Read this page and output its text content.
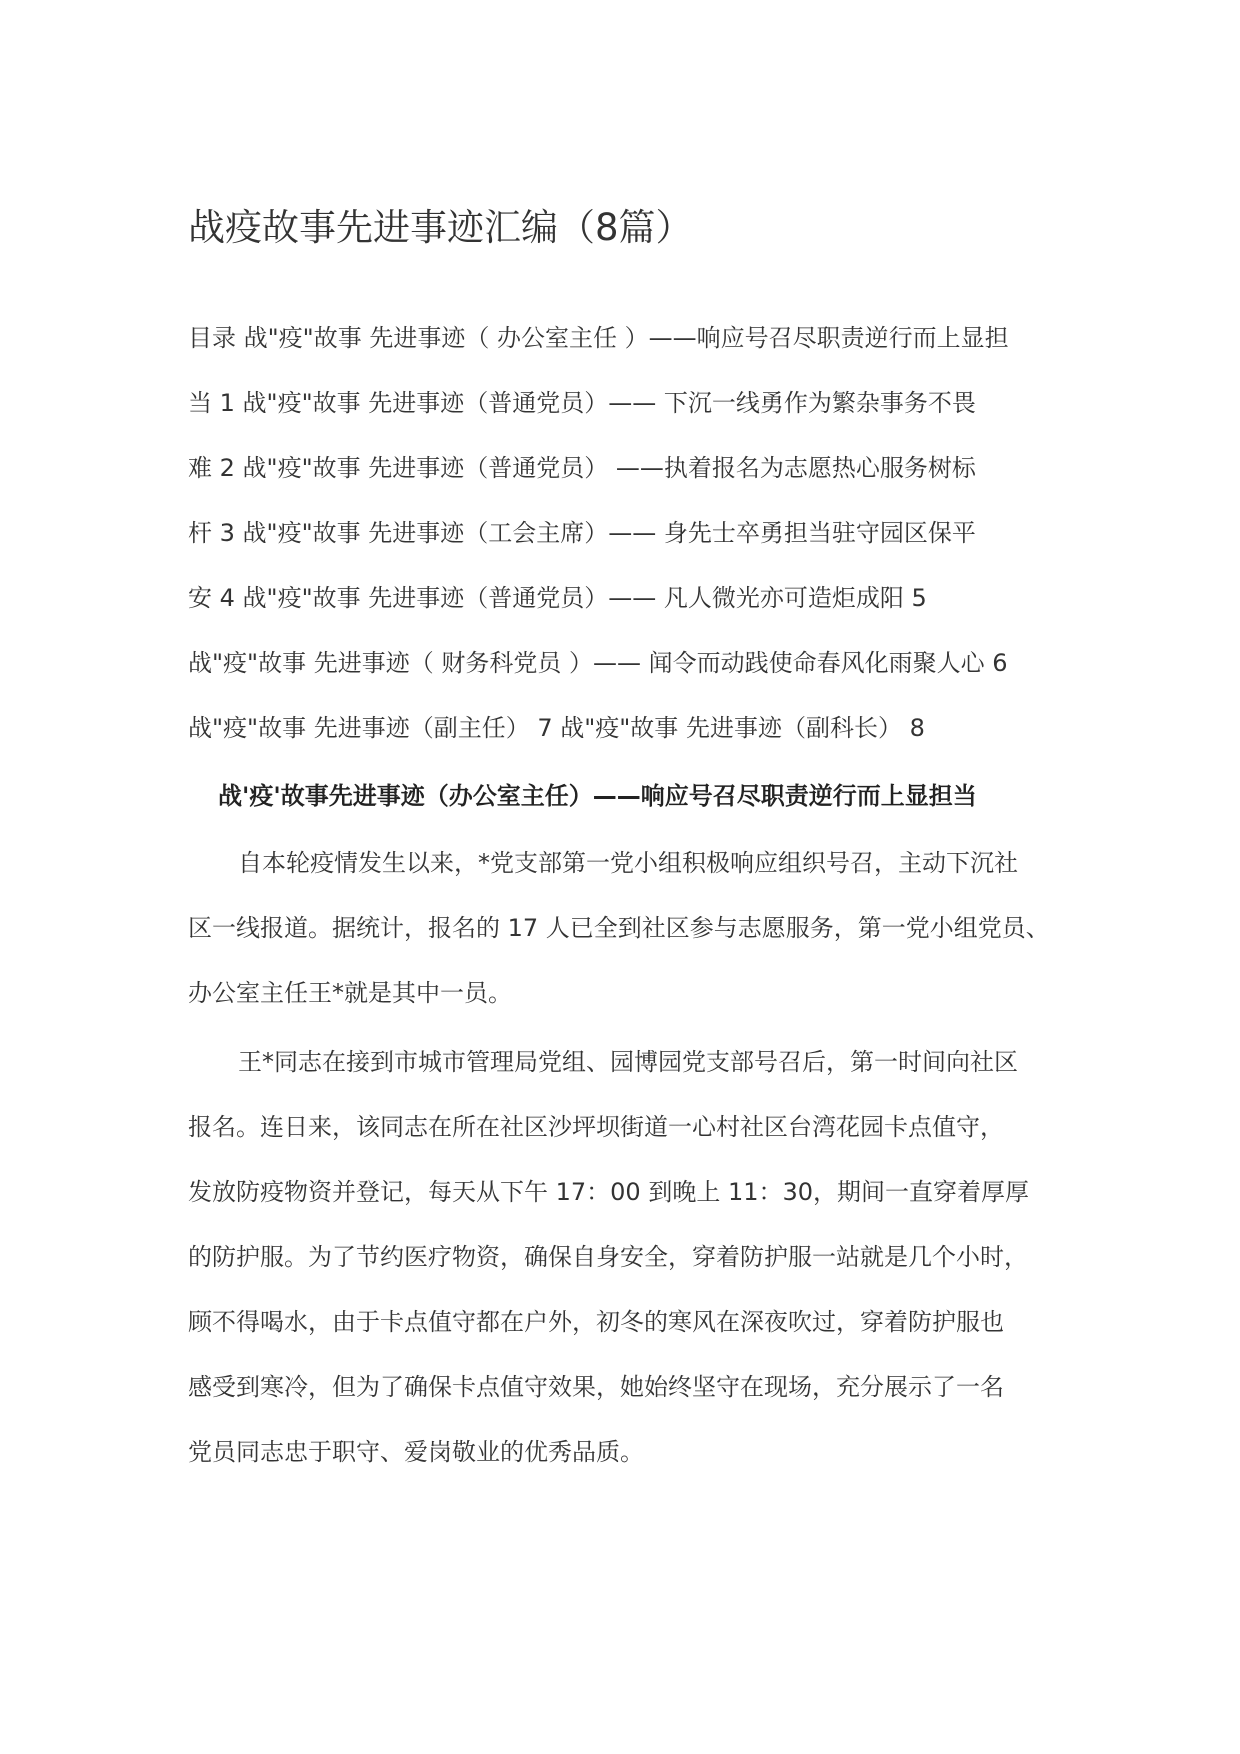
战疫故事先进事迹汇编（8篇）
目录 战"疫"故事 先进事迹（ 办公室主任 ）——响应号召尽职责逆行而上显担
当 1 战"疫"故事 先进事迹（普通党员）—— 下沉一线勇作为繁杂事务不畏
难 2 战"疫"故事 先进事迹（普通党员） ——执着报名为志愿热心服务树标
杆 3 战"疫"故事 先进事迹（工会主席）—— 身先士卒勇担当驻守园区保平
安 4 战"疫"故事 先进事迹（普通党员）—— 凡人微光亦可造炬成阳 5
战"疫"故事 先进事迹（ 财务科党员 ）—— 闻令而动践使命春风化雨聚人心 6
战"疫"故事 先进事迹（副主任） 7 战"疫"故事 先进事迹（副科长） 8
战'疫'故事先进事迹（办公室主任）——响应号召尽职责逆行而上显担当
自本轮疫情发生以来，*党支部第一党小组积极响应组织号召，主动下沉社
区一线报道。据统计，报名的 17 人已全到社区参与志愿服务，第一党小组党员、
办公室主任王*就是其中一员。
王*同志在接到市城市管理局党组、园博园党支部号召后，第一时间向社区
报名。连日来，该同志在所在社区沙坪坝街道一心村社区台湾花园卡点值守，
发放防疫物资并登记，每天从下午 17：00 到晚上 11：30，期间一直穿着厚厚
的防护服。为了节约医疗物资，确保自身安全，穿着防护服一站就是几个小时，
顾不得喝水，由于卡点值守都在户外，初冬的寒风在深夜吹过，穿着防护服也
感受到寒冷，但为了确保卡点值守效果，她始终坚守在现场，充分展示了一名
党员同志忠于职守、爱岗敬业的优秀品质。
